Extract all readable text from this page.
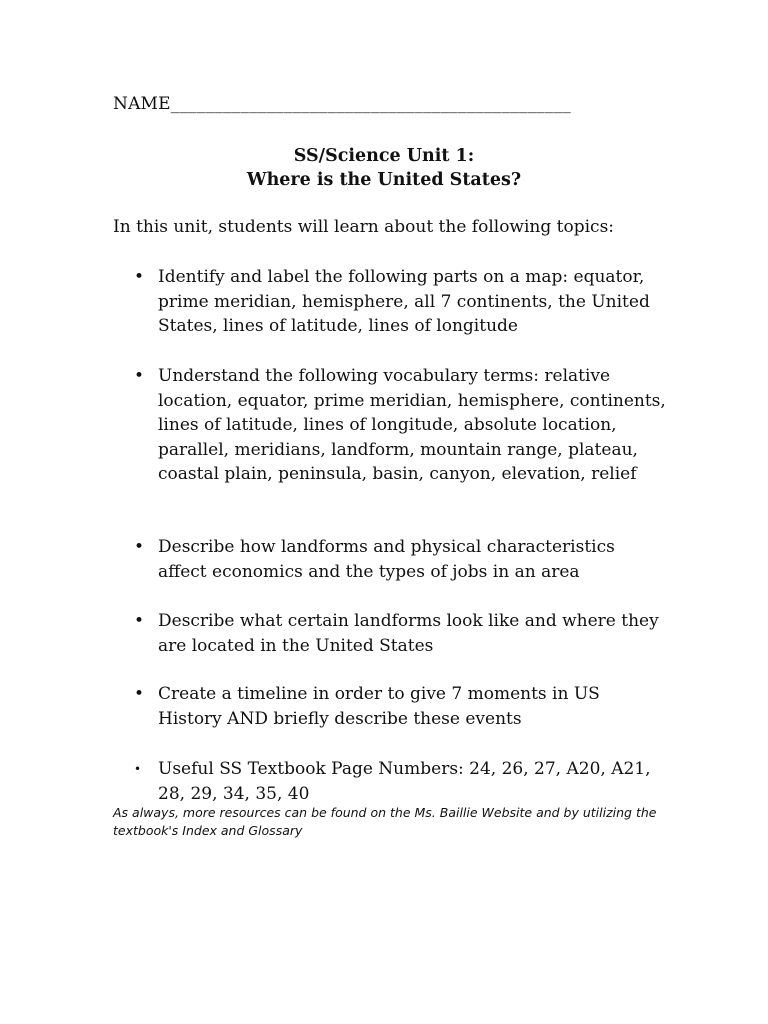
NAME______________________________________________
SS/Science Unit 1:
Where is the United States?
In this unit, students will learn about the following topics:
• Identify and label the following parts on a map: equator, prime meridian, hemisphere, all 7 continents, the United States, lines of latitude, lines of longitude
• Understand the following vocabulary terms: relative location, equator, prime meridian, hemisphere, continents, lines of latitude, lines of longitude, absolute location, parallel, meridians, landform, mountain range, plateau, coastal plain, peninsula, basin, canyon, elevation, relief
• Describe how landforms and physical characteristics affect economics and the types of jobs in an area
• Describe what certain landforms look like and where they are located in the United States
• Create a timeline in order to give 7 moments in US History AND briefly describe these events
• Useful SS Textbook Page Numbers: 24, 26, 27, A20, A21, 28, 29, 34, 35, 40
As always, more resources can be found on the Ms. Baillie Website and by utilizing the textbook's Index and Glossary
